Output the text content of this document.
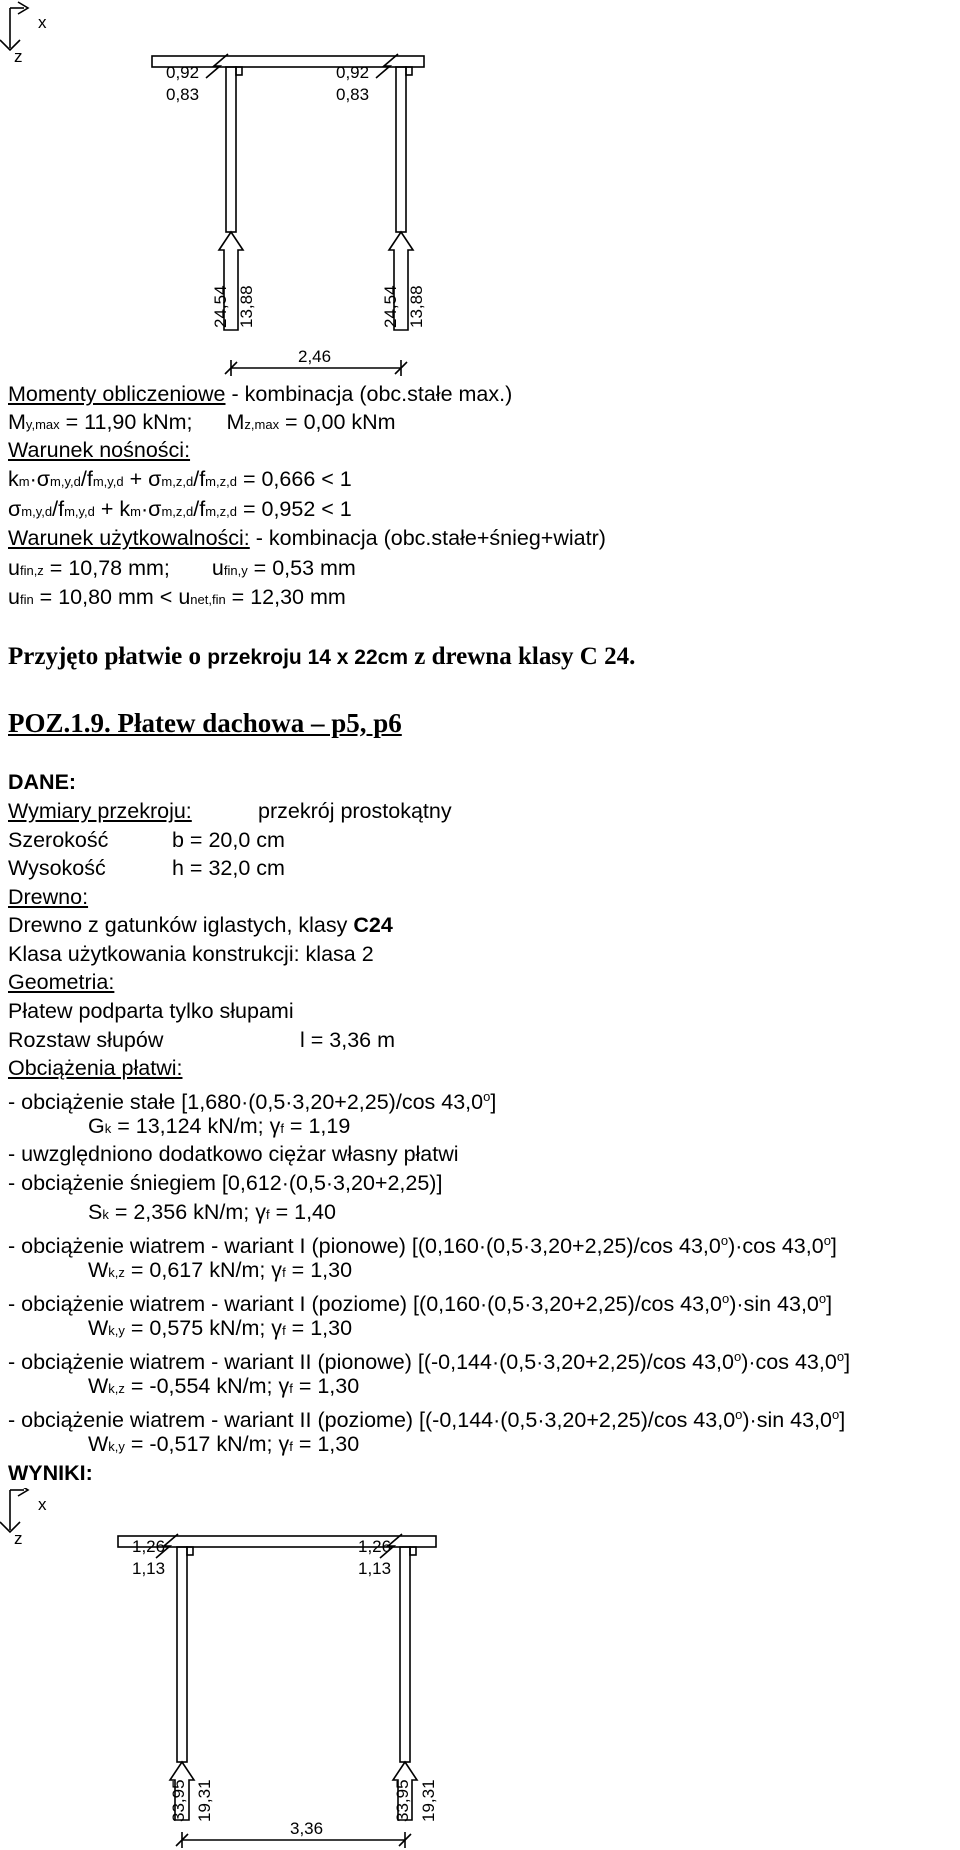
x
z
0,92
0,83
0,92
0,83
24,54 13,88	24,54 13,88
2,46
Momenty obliczeniowe - kombinacja (obc.stałe max.)
My,max = 11,90 kNm; Mz,max = 0,00 kNm
Warunek nośności:
km·σm,y,d/fm,y,d + σm,z,d/fm,z,d = 0,666 < 1
σm,y,d/fm,y,d + km·σm,z,d/fm,z,d = 0,952 < 1
Warunek użytkowalności: - kombinacja (obc.stałe+śnieg+wiatr)
ufin,z = 10,78 mm; ufin,y = 0,53 mm
ufin = 10,80 mm < unet,fin = 12,30 mm
Przyjęto płatwie o przekroju 14 x 22cm z drewna klasy C 24.
POZ.1.9. Płatew dachowa – p5, p6
DANE:
Wymiary przekroju:	przekrój prostokątny
Szerokość	b = 20,0 cm
Wysokość	h = 32,0 cm
Drewno:
Drewno z gatunków iglastych, klasy C24
Klasa użytkowania konstrukcji: klasa 2
Geometria:
Płatew podparta tylko słupami
Rozstaw słupów	l = 3,36 m
Obciążenia płatwi:
- obciążenie stałe [1,680·(0,5·3,20+2,25)/cos 43,0$^o$]
Gk = 13,124 kN/m; γf = 1,19
- uwzględniono dodatkowo ciężar własny płatwi
- obciążenie śniegiem [0,612·(0,5·3,20+2,25)]
Sk = 2,356 kN/m; γf = 1,40
- obciążenie wiatrem - wariant I (pionowe) [(0,160·(0,5·3,20+2,25)/cos $43,0^o)\cdot\cos$ 43,0$^o$]
Wk,z = 0,617 kN/m; γf = 1,30
- obciążenie wiatrem - wariant I (poziome) [(0,160·(0,5·3,20+2,25)/cos $43,0^o)\cdot\sin$ 43,0$^o$]
Wk,y = 0,575 kN/m; γf = 1,30
- obciążenie wiatrem - wariant II (pionowe) [(-0,144·(0,5·3,20+2,25)/cos $43,0^o)\cdot\cos$ 43,0$^o$]
Wk,z = -0,554 kN/m; γf = 1,30
- obciążenie wiatrem - wariant II (poziome) [(-0,144·(0,5·3,20+2,25)/cos $43,0^o)\cdot\sin$ 43,0$^o$]
Wk,y = -0,517 kN/m; γf = 1,30
WYNIKI:
x
z	1,26
1,13
1,26
1,13
33,95 19,31	33,95 19,31
3,36
